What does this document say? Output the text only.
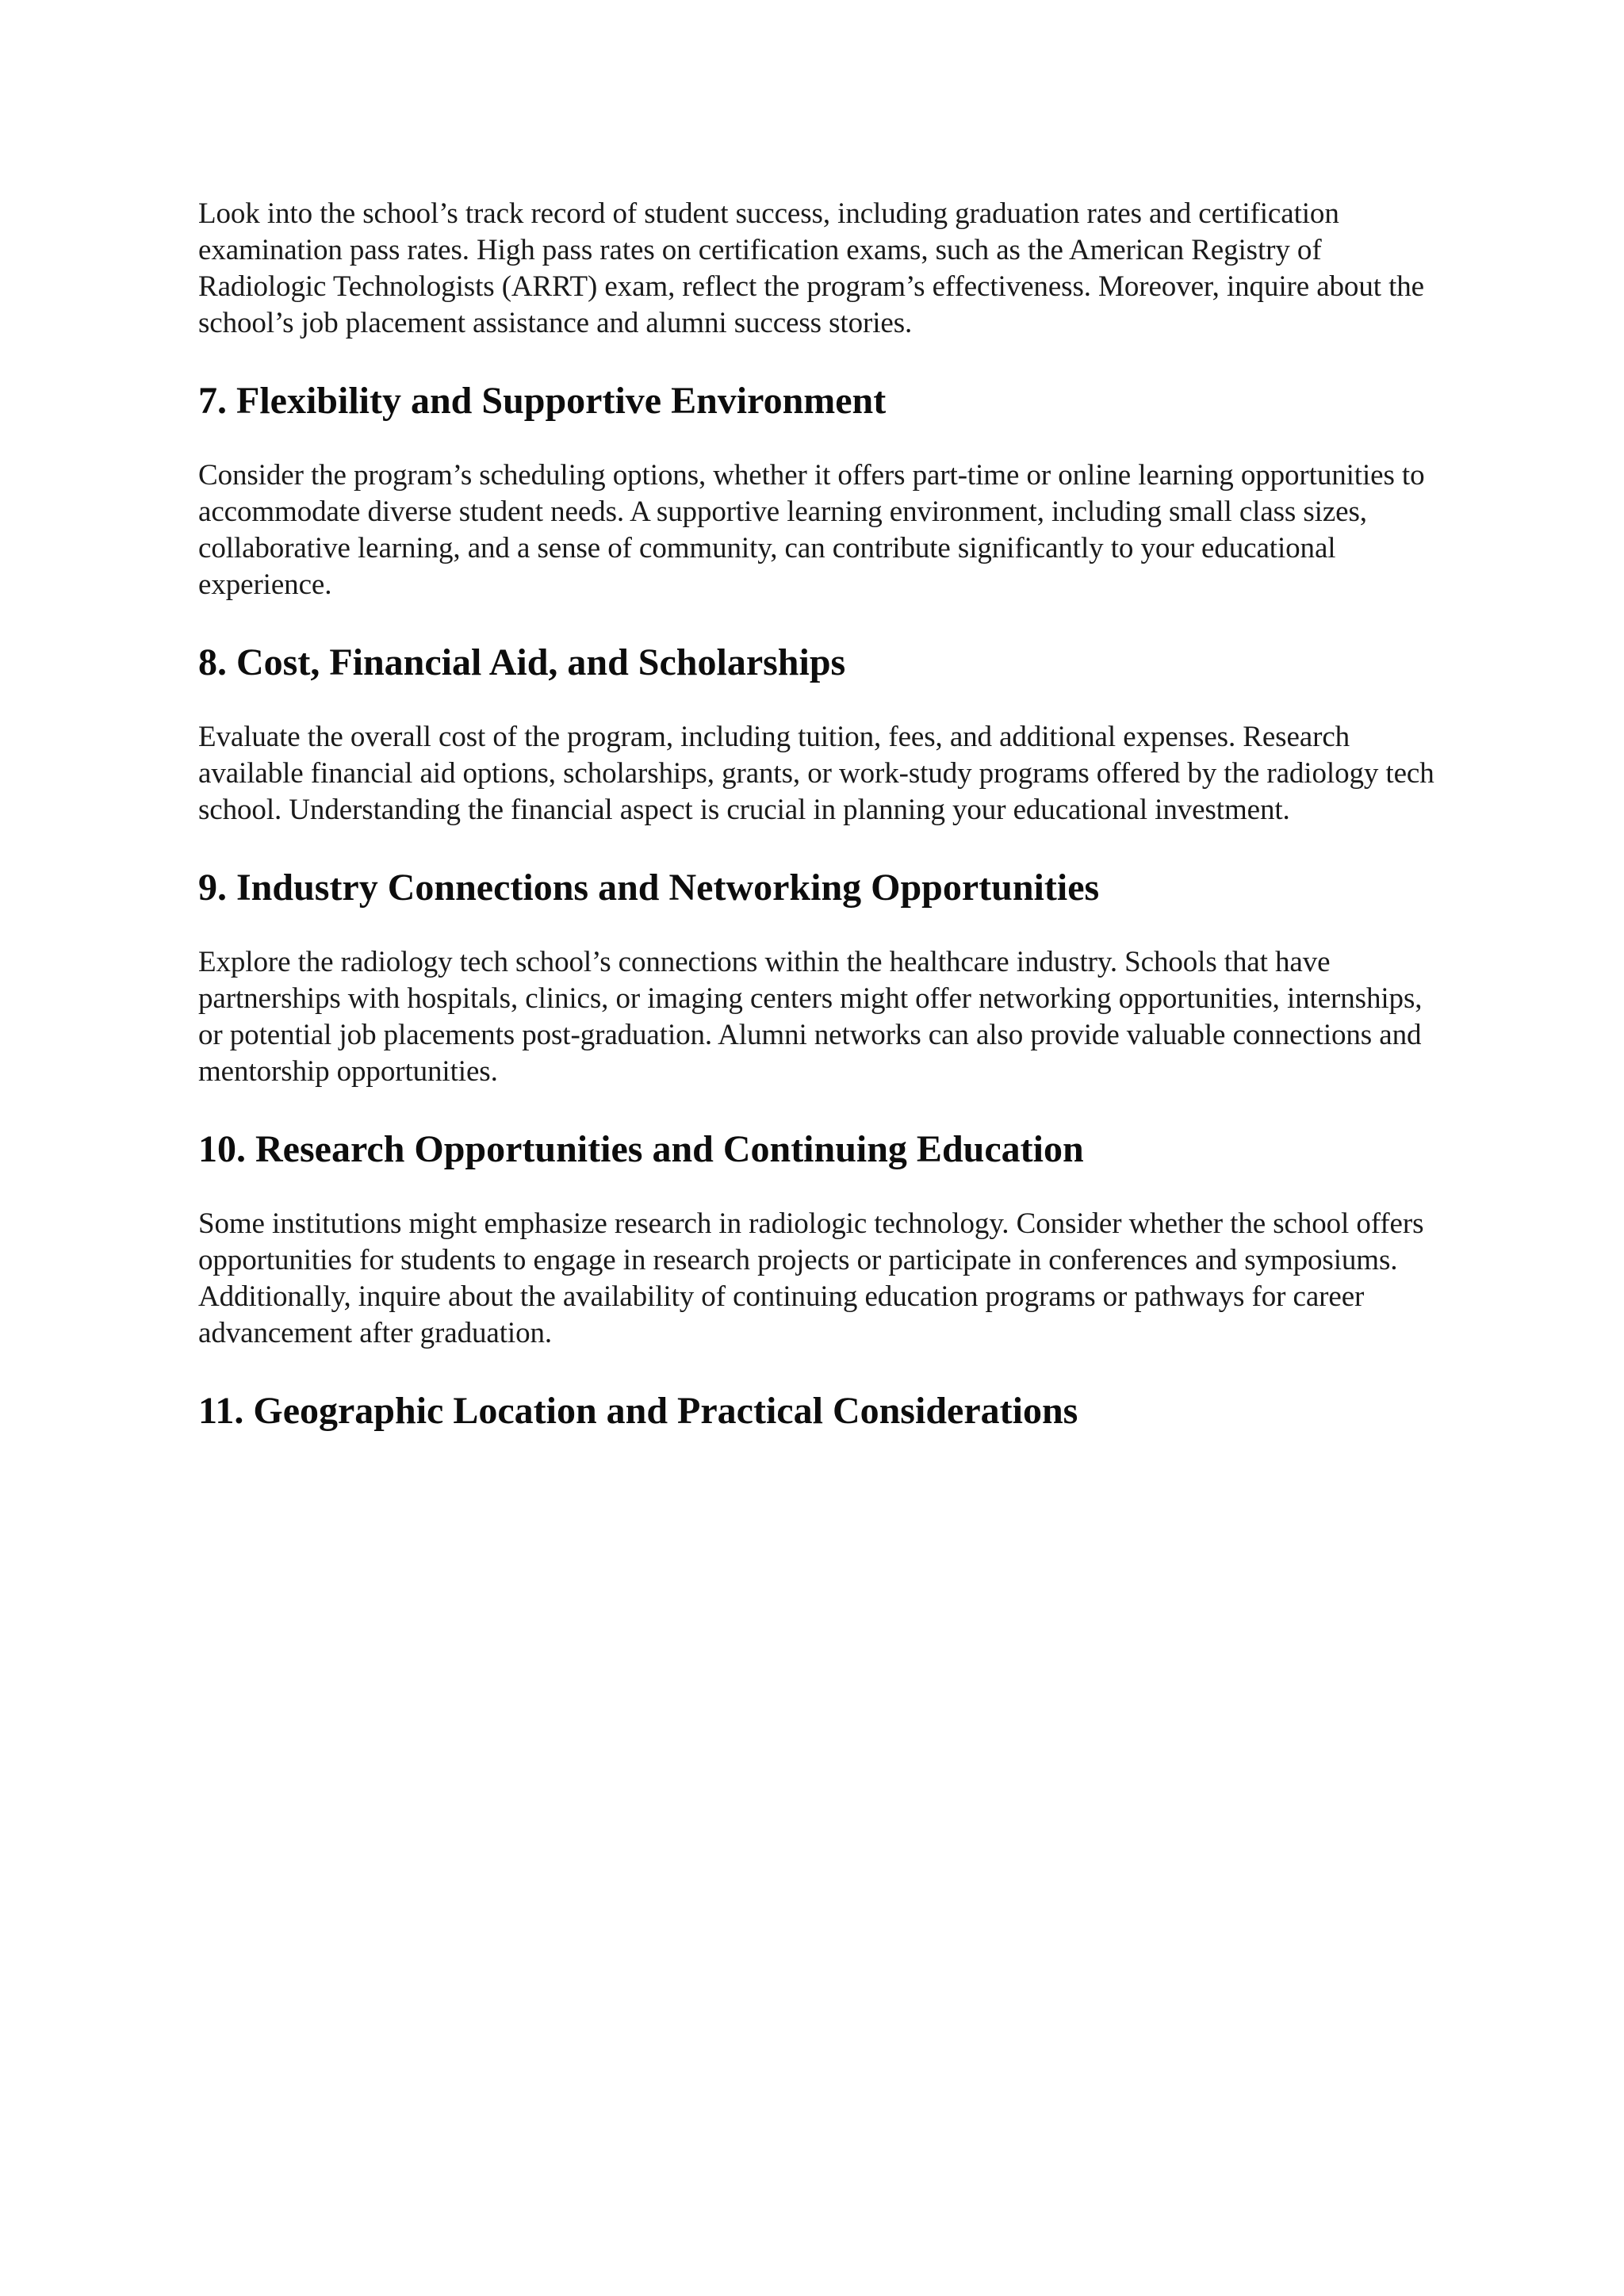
Look into the school’s track record of student success, including graduation rates and certification examination pass rates. High pass rates on certification exams, such as the American Registry of Radiologic Technologists (ARRT) exam, reflect the program’s effectiveness. Moreover, inquire about the school’s job placement assistance and alumni success stories.

7. Flexibility and Supportive Environment

Consider the program’s scheduling options, whether it offers part-time or online learning opportunities to accommodate diverse student needs. A supportive learning environment, including small class sizes, collaborative learning, and a sense of community, can contribute significantly to your educational experience.

8. Cost, Financial Aid, and Scholarships

Evaluate the overall cost of the program, including tuition, fees, and additional expenses. Research available financial aid options, scholarships, grants, or work-study programs offered by the radiology tech school. Understanding the financial aspect is crucial in planning your educational investment.

9. Industry Connections and Networking Opportunities

Explore the radiology tech school’s connections within the healthcare industry. Schools that have partnerships with hospitals, clinics, or imaging centers might offer networking opportunities, internships, or potential job placements post-graduation. Alumni networks can also provide valuable connections and mentorship opportunities.

10. Research Opportunities and Continuing Education

Some institutions might emphasize research in radiologic technology. Consider whether the school offers opportunities for students to engage in research projects or participate in conferences and symposiums. Additionally, inquire about the availability of continuing education programs or pathways for career advancement after graduation.

11. Geographic Location and Practical Considerations
